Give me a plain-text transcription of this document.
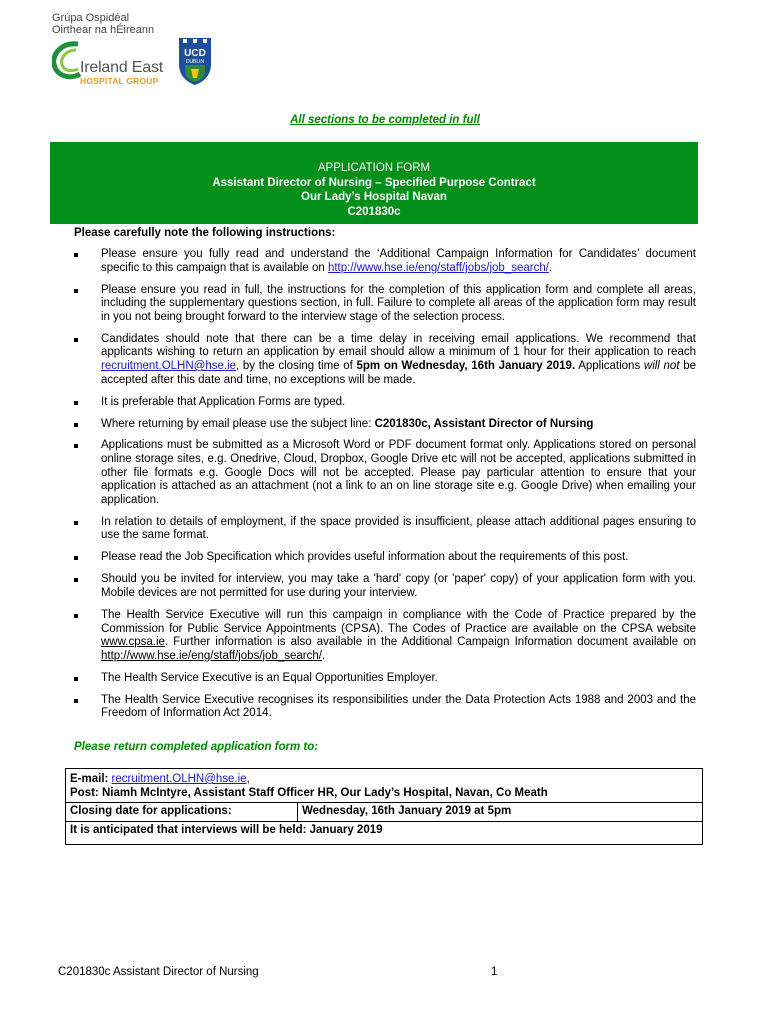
Grúpa Ospidéal
Oirthear na hÉireann
Ireland East
HOSPITAL GROUP
UCD
DUBLIN
All sections to be completed in full
APPLICATION FORM
Assistant Director of Nursing – Specified Purpose Contract
Our Lady’s Hospital Navan
C201830c
Please carefully note the following instructions:
Please ensure you fully read and understand the ‘Additional Campaign Information for Candidates’ document specific to this campaign that is available on http://www.hse.ie/eng/staff/jobs/job_search/.
Please ensure you read in full, the instructions for the completion of this application form and complete all areas, including the supplementary questions section, in full. Failure to complete all areas of the application form may result in you not being brought forward to the interview stage of the selection process.
Candidates should note that there can be a time delay in receiving email applications. We recommend that applicants wishing to return an application by email should allow a minimum of 1 hour for their application to reach recruitment.OLHN@hse.ie, by the closing time of 5pm on Wednesday, 16th January 2019. Applications will not be accepted after this date and time, no exceptions will be made.
It is preferable that Application Forms are typed.
Where returning by email please use the subject line: C201830c, Assistant Director of Nursing
Applications must be submitted as a Microsoft Word or PDF document format only. Applications stored on personal online storage sites, e.g. Onedrive, Cloud, Dropbox, Google Drive etc will not be accepted, applications submitted in other file formats e.g. Google Docs will not be accepted. Please pay particular attention to ensure that your application is attached as an attachment (not a link to an on line storage site e.g. Google Drive) when emailing your application.
In relation to details of employment, if the space provided is insufficient, please attach additional pages ensuring to use the same format.
Please read the Job Specification which provides useful information about the requirements of this post.
Should you be invited for interview, you may take a 'hard' copy (or 'paper' copy) of your application form with you. Mobile devices are not permitted for use during your interview.
The Health Service Executive will run this campaign in compliance with the Code of Practice prepared by the Commission for Public Service Appointments (CPSA). The Codes of Practice are available on the CPSA website www.cpsa.ie. Further information is also available in the Additional Campaign Information document available on http://www.hse.ie/eng/staff/jobs/job_search/.
The Health Service Executive is an Equal Opportunities Employer.
The Health Service Executive recognises its responsibilities under the Data Protection Acts 1988 and 2003 and the Freedom of Information Act 2014.
Please return completed application form to:
E-mail: recruitment.OLHN@hse.ie,
Post: Niamh McIntyre, Assistant Staff Officer HR, Our Lady’s Hospital, Navan, Co Meath
Closing date for applications:	Wednesday, 16th January 2019 at 5pm
It is anticipated that interviews will be held: January 2019
C201830c Assistant Director of Nursing	1
